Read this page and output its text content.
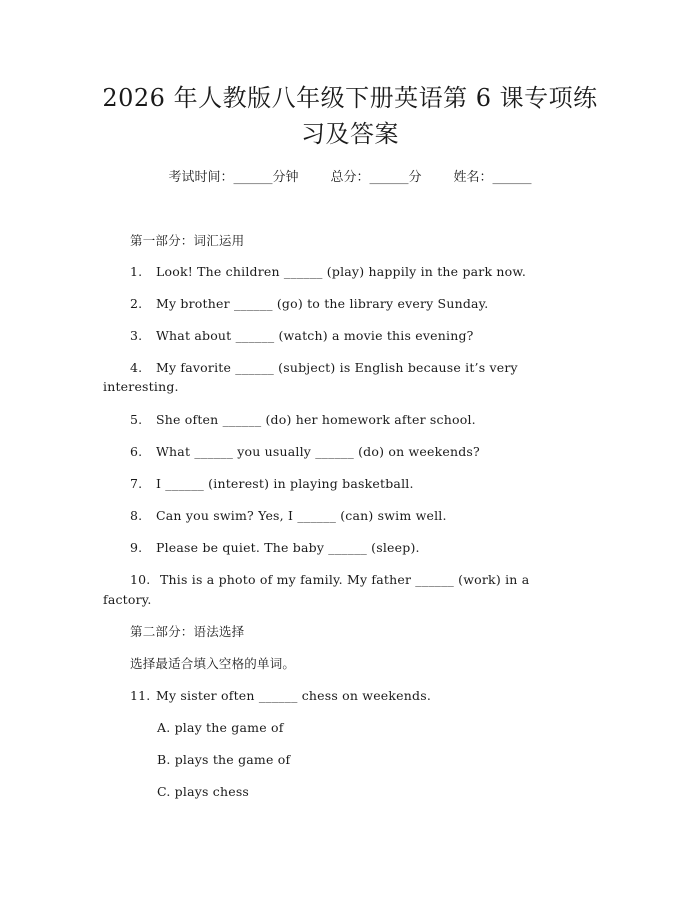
2026 年人教版八年级下册英语第 6 课专项练
习及答案
考试时间：______分钟 总分：______分 姓名：______
第一部分：词汇运用
1. Look! The children ______ (play) happily in the park now.
2. My brother ______ (go) to the library every Sunday.
3. What about ______ (watch) a movie this evening?
4. My favorite ______ (subject) is English because it’s very
interesting.
5. She often ______ (do) her homework after school.
6. What ______ you usually ______ (do) on weekends?
7. I ______ (interest) in playing basketball.
8. Can you swim? Yes, I ______ (can) swim well.
9. Please be quiet. The baby ______ (sleep).
10. This is a photo of my family. My father ______ (work) in a
factory.
第二部分：语法选择
选择最适合填入空格的单词。
11. My sister often ______ chess on weekends.
A. play the game of
B. plays the game of
C. plays chess
